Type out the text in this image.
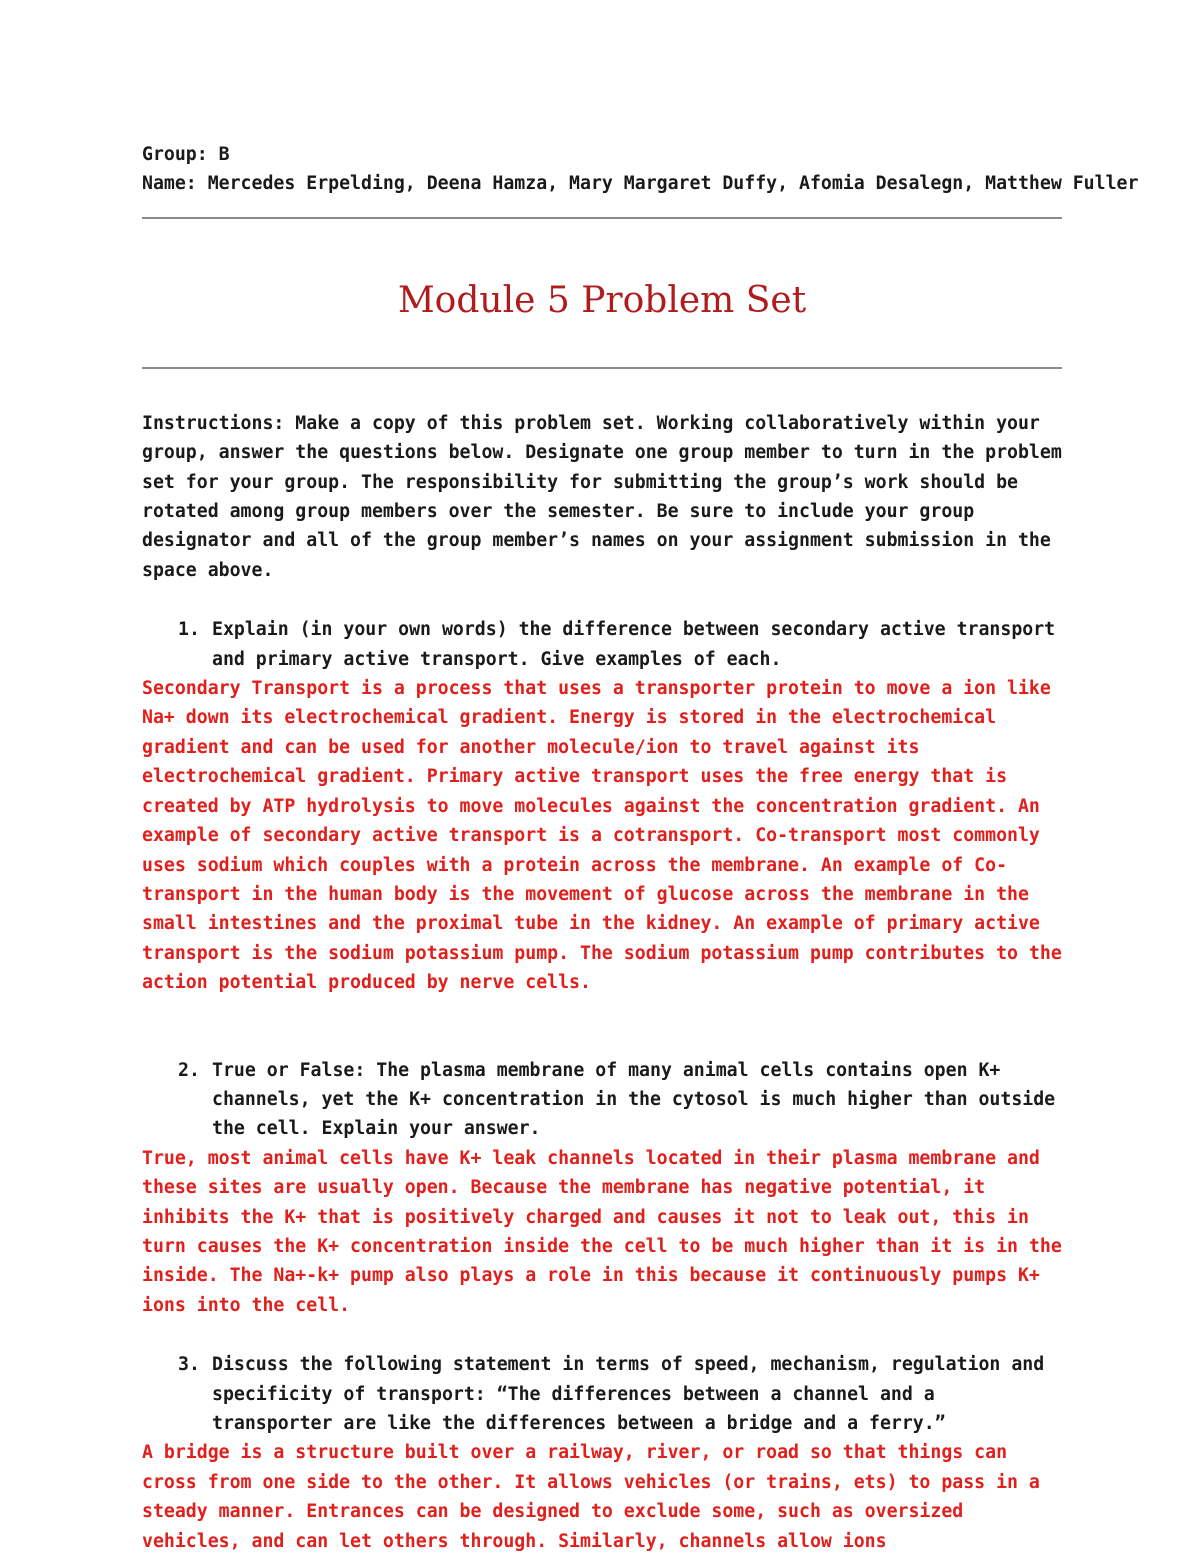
Group: B

Name: Mercedes Erpelding, Deena Hamza, Mary Margaret Duffy, Afomia Desalegn, Matthew Fuller

Module 5 Problem Set

Instructions: Make a copy of this problem set. Working collaboratively within your group, answer the questions below. Designate one group member to turn in the problem set for your group. The responsibility for submitting the group’s work should be rotated among group members over the semester. Be sure to include your group designator and all of the group member’s names on your assignment submission in the space above.

1. Explain (in your own words) the difference between secondary active transport and primary active transport. Give examples of each.

Secondary Transport is a process that uses a transporter protein to move a ion like Na+ down its electrochemical gradient. Energy is stored in the electrochemical gradient and can be used for another molecule/ion to travel against its electrochemical gradient. Primary active transport uses the free energy that is created by ATP hydrolysis to move molecules against the concentration gradient. An example of secondary active transport is a cotransport. Co-transport most commonly uses sodium which couples with a protein across the membrane. An example of Co-transport in the human body is the movement of glucose across the membrane in the small intestines and the proximal tube in the kidney. An example of primary active transport is the sodium potassium pump. The sodium potassium pump contributes to the action potential produced by nerve cells.

2. True or False: The plasma membrane of many animal cells contains open K+ channels, yet the K+ concentration in the cytosol is much higher than outside the cell. Explain your answer.

True, most animal cells have K+ leak channels located in their plasma membrane and these sites are usually open. Because the membrane has negative potential, it inhibits the K+ that is positively charged and causes it not to leak out, this in turn causes the K+ concentration inside the cell to be much higher than it is in the inside. The Na+-k+ pump also plays a role in this because it continuously pumps K+ ions into the cell.

3. Discuss the following statement in terms of speed, mechanism, regulation and specificity of transport: “The differences between a channel and a transporter are like the differences between a bridge and a ferry.”

A bridge is a structure built over a railway, river, or road so that things can cross from one side to the other. It allows vehicles (or trains, ets) to pass in a steady manner. Entrances can be designed to exclude some, such as oversized vehicles, and can let others through. Similarly, channels allow ions
